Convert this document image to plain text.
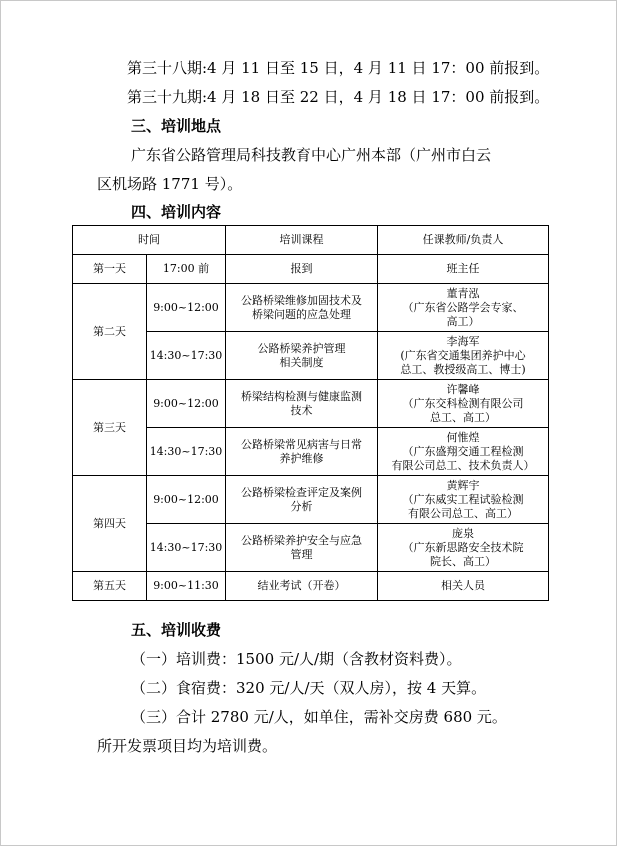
第三十八期:4 月 11 日至 15 日，4 月 11 日 17：00 前报到。
第三十九期:4 月 18 日至 22 日，4 月 18 日 17：00 前报到。
三、培训地点
广东省公路管理局科技教育中心广州本部（广州市白云
区机场路 1771 号）。
四、培训内容
时间		培训课程	任课教师/负责人
第一天	17:00 前	报到	班主任
第二天	9:00~12:00	公路桥梁维修加固技术及
桥梁问题的应急处理	董青泓
（广东省公路学会专家、
高工）

	14:30~17:30	公路桥梁养护管理
相关制度	李海军
(广东省交通集团养护中心
总工、教授级高工、博士)

第三天	9:00~12:00	桥梁结构检测与健康监测
技术	许馨峰
（广东交科检测有限公司
总工、高工）

	14:30~17:30	公路桥梁常见病害与日常
养护维修	何惟煌
（广东盛翔交通工程检测
有限公司总工、技术负责人）

第四天	9:00~12:00	公路桥梁检查评定及案例
分析	黄辉宇
（广东威实工程试验检测
有限公司总工、高工）

	14:30~17:30	公路桥梁养护安全与应急
管理	庞泉
（广东新思路安全技术院
院长、高工）

第五天	9:00~11:30	结业考试（开卷）	相关人员
五、培训收费
（一）培训费：1500 元/人/期（含教材资料费）。
（二）食宿费：320 元/人/天（双人房），按 4 天算。
（三）合计 2780 元/人，如单住，需补交房费 680 元。
所开发票项目均为培训费。
